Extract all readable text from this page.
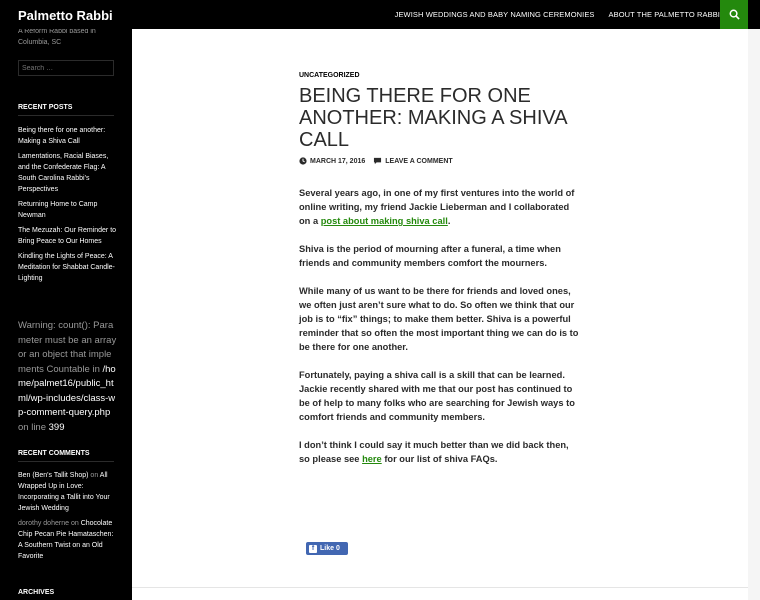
Palmetto Rabbi	JEWISH WEDDINGS AND BABY NAMING CEREMONIES ABOUT THE PALMETTO RABBI
A Reform Rabbi based in Columbia, SC
Search …
RECENT POSTS
Being there for one another: Making a Shiva Call
Lamentations, Racial Biases, and the Confederate Flag: A South Carolina Rabbi’s Perspectives
Returning Home to Camp Newman
The Mezuzah: Our Reminder to Bring Peace to Our Homes
Kindling the Lights of Peace: A Meditation for Shabbat Candle-Lighting
Warning: count(): Parameter must be an array or an object that implements Countable in /home/palmet16/public_html/wp-includes/class-wp-comment-query.php on line 399
RECENT COMMENTS
Ben (Ben's Tallit Shop) on All Wrapped Up in Love: Incorporating a Tallit into Your Jewish Wedding
dorothy doherne on Chocolate Chip Pecan Pie Hamataschen: A Southern Twist on an Old Favorite
ARCHIVES
UNCATEGORIZED
BEING THERE FOR ONE ANOTHER: MAKING A SHIVA CALL
MARCH 17, 2016	LEAVE A COMMENT

Several years ago, in one of my first ventures into the world of online writing, my friend Jackie Lieberman and I collaborated on a post about making shiva call.

Shiva is the period of mourning after a funeral, a time when friends and community members comfort the mourners.

While many of us want to be there for friends and loved ones, we often just aren’t sure what to do. So often we think that our job is to “fix” things; to make them better. Shiva is a powerful reminder that so often the most important thing we can do is to be there for one another.

Fortunately, paying a shiva call is a skill that can be learned. Jackie recently shared with me that our post has continued to be of help to many folks who are searching for Jewish ways to comfort friends and community members.

I don’t think I could say it much better than we did back then, so please see here for our list of shiva FAQs.

f Like 0
